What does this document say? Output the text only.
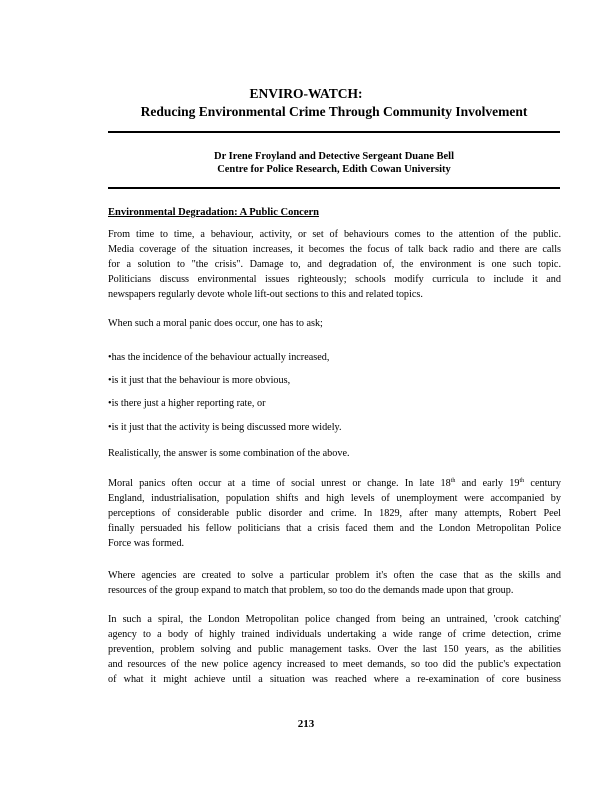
ENVIRO-WATCH:
Reducing Environmental Crime Through Community Involvement
Dr Irene Froyland and Detective Sergeant Duane Bell
Centre for Police Research, Edith Cowan University
Environmental Degradation: A Public Concern
From time to time, a behaviour, activity, or set of behaviours comes to the attention of the public.
Media coverage of the situation increases, it becomes the focus of talk back radio and there are calls
for a solution to "the crisis". Damage to, and degradation of, the environment is one such topic.
Politicians discuss environmental issues righteously; schools modify curricula to include it and
newspapers regularly devote whole lift-out sections to this and related topics.
When such a moral panic does occur, one has to ask;
•has the incidence of the behaviour actually increased,
•is it just that the behaviour is more obvious,
•is there just a higher reporting rate, or
•is it just that the activity is being discussed more widely.
Realistically, the answer is some combination of the above.
Moral panics often occur at a time of social unrest or change. In late 18th and early 19th century
England, industrialisation, population shifts and high levels of unemployment were accompanied by
perceptions of considerable public disorder and crime. In 1829, after many attempts, Robert Peel
finally persuaded his fellow politicians that a crisis faced them and the London Metropolitan Police
Force was formed.
Where agencies are created to solve a particular problem it's often the case that as the skills and
resources of the group expand to match that problem, so too do the demands made upon that group.
In such a spiral, the London Metropolitan police changed from being an untrained, 'crook catching'
agency to a body of highly trained individuals undertaking a wide range of crime detection, crime
prevention, problem solving and public management tasks. Over the last 150 years, as the abilities
and resources of the new police agency increased to meet demands, so too did the public's expectation
of what it might achieve until a situation was reached where a re-examination of core business
213
